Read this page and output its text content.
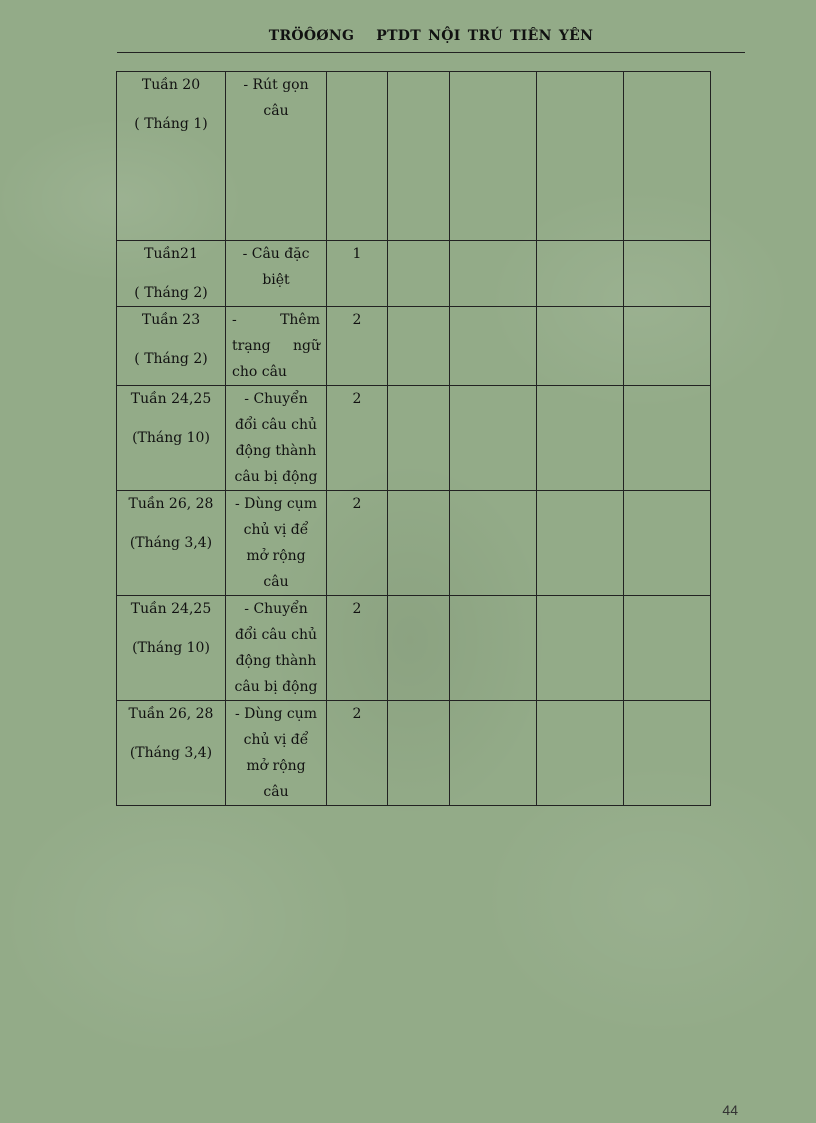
TRÖÔØNG PTDT NỘI TRÚ TIÊN YÊN
Tuần 20
( Tháng 1)	- Rút gọn câu					

Tuần21
( Tháng 2)	- Câu đặc biệt	1				

Tuần 23
( Tháng 2)	- Thêm trạng ngữ cho câu	2				

Tuần 24,25
(Tháng 10)	- Chuyển đổi câu chủ động thành câu bị động	2				

Tuần 26, 28
(Tháng 3,4)	- Dùng cụm chủ vị để mở rộng câu	2				

Tuần 24,25
(Tháng 10)	- Chuyển đổi câu chủ động thành câu bị động	2				

Tuần 26, 28
(Tháng 3,4)	- Dùng cụm chủ vị để mở rộng câu	2				
44
